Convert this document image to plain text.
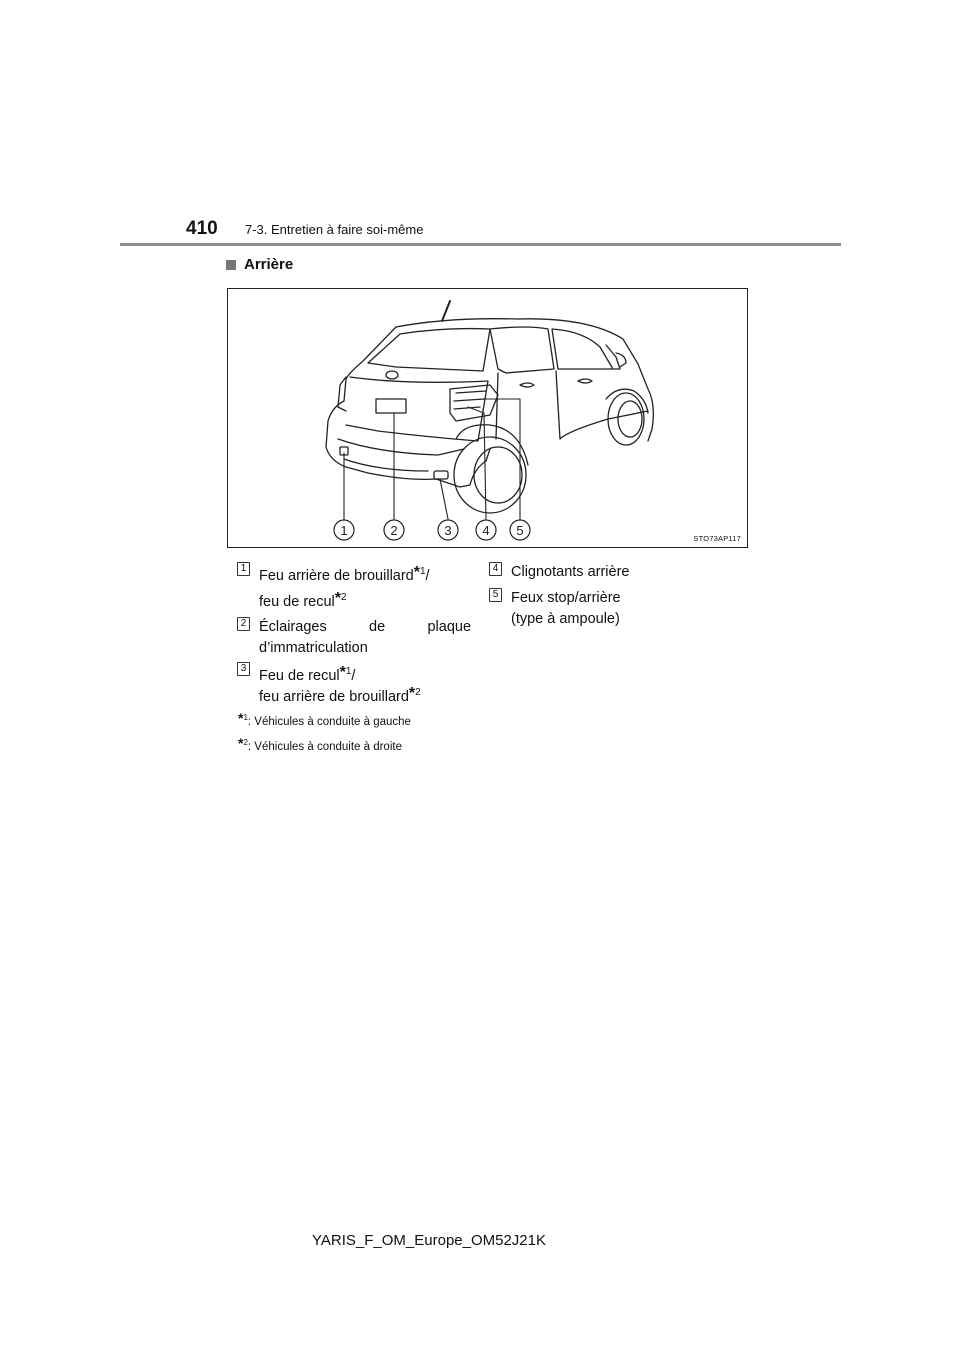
410 7-3. Entretien à faire soi-même
Arrière
1	2	3 4 5
STO73AP117
1 Feu arrière de brouillard*$^1$/
feu de recul*$^2$
2 Éclairages	de	plaque
d’immatriculation
3 Feu de recul*$^1$/
feu arrière de brouillard*$^2$
4 Clignotants arrière
5 Feux stop/arrière
(type à ampoule)
*$^1$: Véhicules à conduite à gauche
*$^2$: Véhicules à conduite à droite
YARIS_F_OM_Europe_OM52J21K
